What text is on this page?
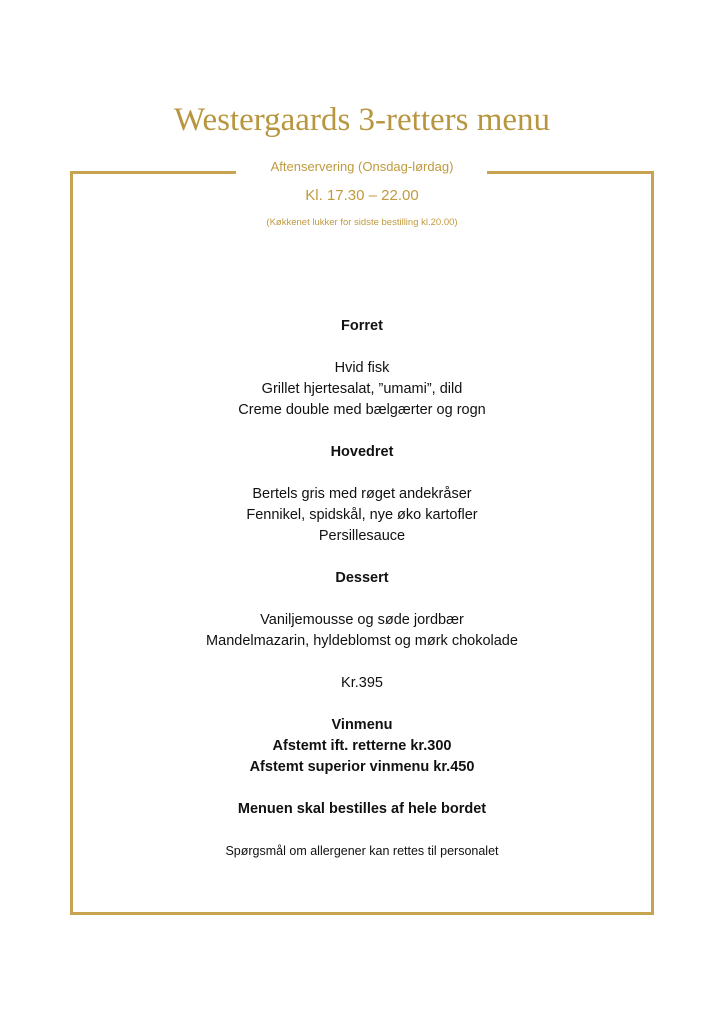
Westergaards 3-retters menu
Aftenservering (Onsdag-lørdag)
Kl. 17.30 – 22.00
(Køkkenet lukker for sidste bestilling kl.20.00)

Forret

Hvid fisk

Grillet hjertesalat, ”umami”, dild

Creme double med bælgærter og rogn

Hovedret

Bertels gris med røget andekråser

Fennikel, spidskål, nye øko kartofler

Persillesauce

Dessert

Vaniljemousse og søde jordbær

Mandelmazarin, hyldeblomst og mørk chokolade

Kr.395

Vinmenu

Afstemt ift. retterne kr.300

Afstemt superior vinmenu kr.450

Menuen skal bestilles af hele bordet

Spørgsmål om allergener kan rettes til personalet
